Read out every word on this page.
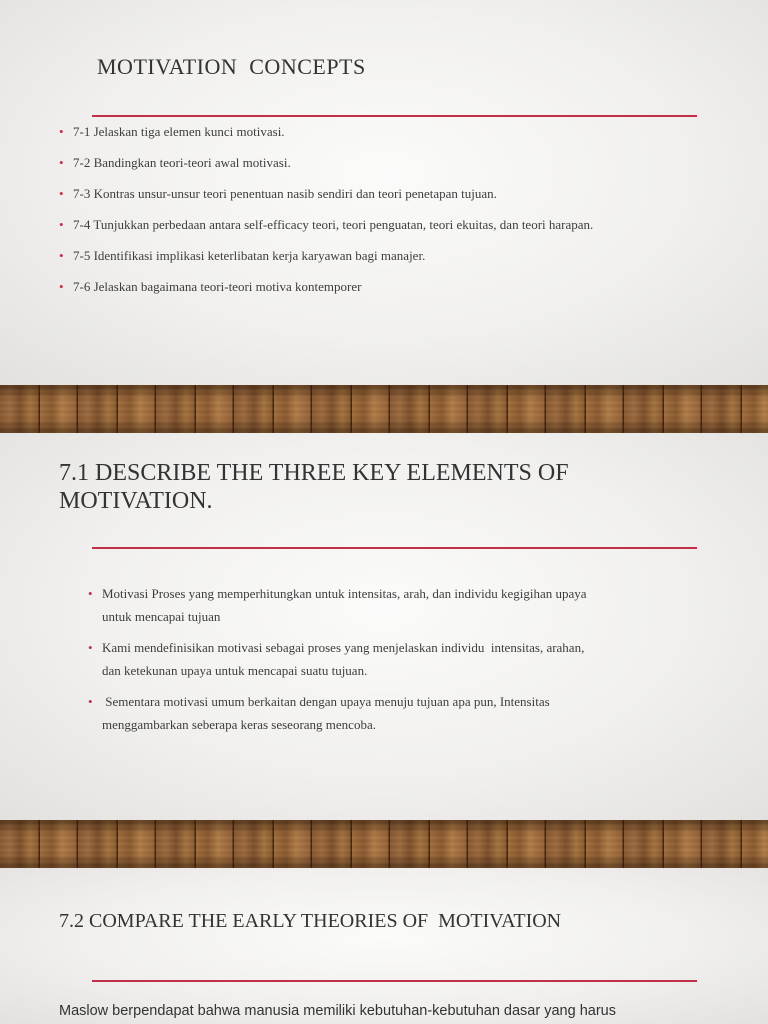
MOTIVATION  CONCEPTS
• 7-1 Jelaskan tiga elemen kunci motivasi.
• 7-2 Bandingkan teori-teori awal motivasi.
• 7-3 Kontras unsur-unsur teori penentuan nasib sendiri dan teori penetapan tujuan.
• 7-4 Tunjukkan perbedaan antara self-efficacy teori, teori penguatan, teori ekuitas, dan teori harapan.
• 7-5 Identifikasi implikasi keterlibatan kerja karyawan bagi manajer.
• 7-6 Jelaskan bagaimana teori-teori motiva kontemporer
7.1 DESCRIBE THE THREE KEY ELEMENTS OF
MOTIVATION.
• Motivasi Proses yang memperhitungkan untuk intensitas, arah, dan individu kegigihan upaya
untuk mencapai tujuan
• Kami mendefinisikan motivasi sebagai proses yang menjelaskan individu  intensitas, arahan,
dan ketekunan upaya untuk mencapai suatu tujuan.
• Sementara motivasi umum berkaitan dengan upaya menuju tujuan apa pun, Intensitas
menggambarkan seberapa keras seseorang mencoba.
7.2 COMPARE THE EARLY THEORIES OF  MOTIVATION

Maslow berpendapat bahwa manusia memiliki kebutuhan-kebutuhan dasar yang harus
